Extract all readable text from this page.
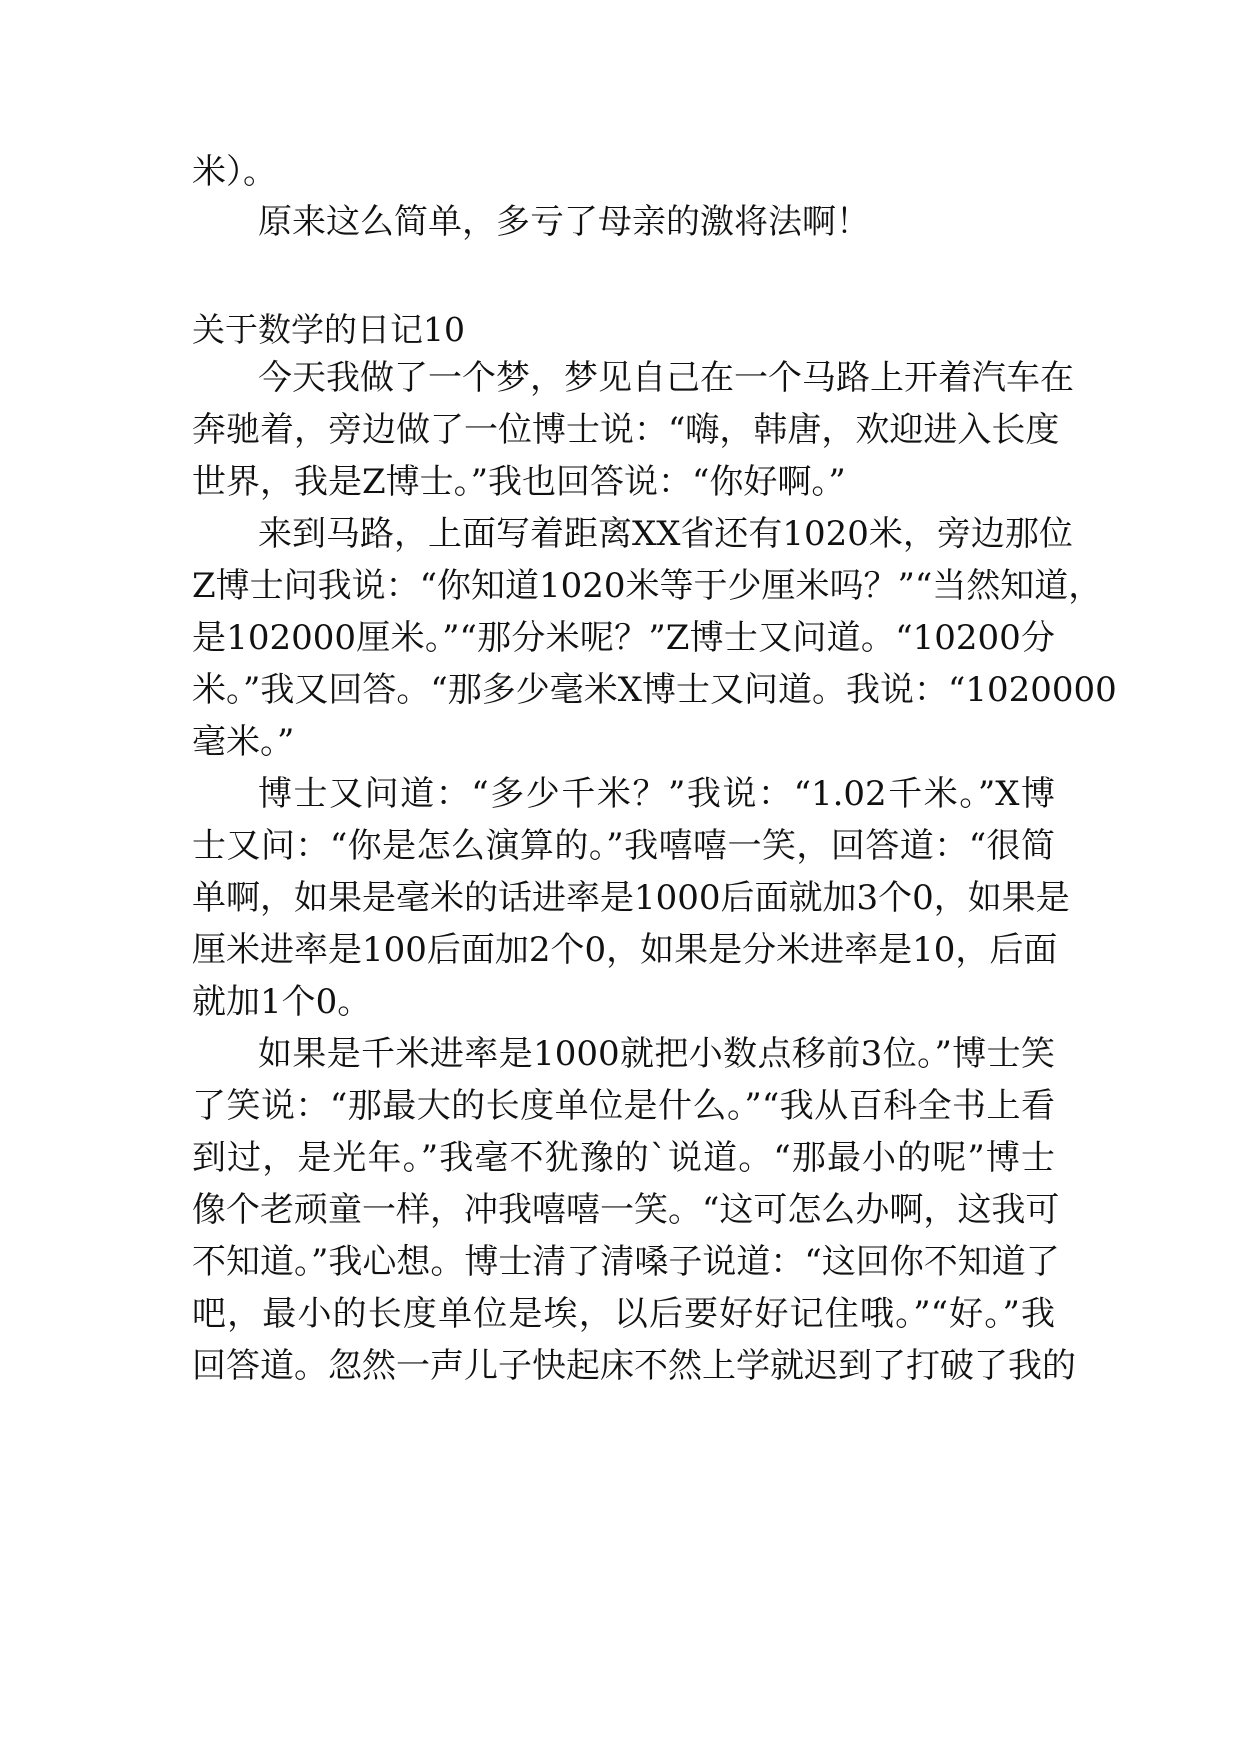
米）。
原来这么简单，多亏了母亲的激将法啊！
关于数学的日记10
今天我做了一个梦，梦见自己在一个马路上开着汽车在
奔驰着，旁边做了一位博士说：“嗨，韩唐，欢迎进入长度
世界，我是Z博士。”我也回答说：“你好啊。”
来到马路，上面写着距离XX省还有1020米，旁边那位
Z博士问我说：“你知道1020米等于少厘米吗？”“当然知道，
是102000厘米。”“那分米呢？”Z博士又问道。“10200分
米。”我又回答。“那多少毫米X博士又问道。我说：“1020000
毫米。”
博士又问道：“多少千米？”我说：“1.02千米。”X博
士又问：“你是怎么演算的。”我嘻嘻一笑，回答道：“很简
单啊，如果是毫米的话进率是1000后面就加3个0，如果是
厘米进率是100后面加2个0，如果是分米进率是10，后面
就加1个0。
如果是千米进率是1000就把小数点移前3位。”博士笑
了笑说：“那最大的长度单位是什么。”“我从百科全书上看
到过，是光年。”我毫不犹豫的`说道。“那最小的呢”博士
像个老顽童一样，冲我嘻嘻一笑。“这可怎么办啊，这我可
不知道。”我心想。博士清了清嗓子说道：“这回你不知道了
吧，最小的长度单位是埃，以后要好好记住哦。”“好。”我
回答道。忽然一声儿子快起床不然上学就迟到了打破了我的
